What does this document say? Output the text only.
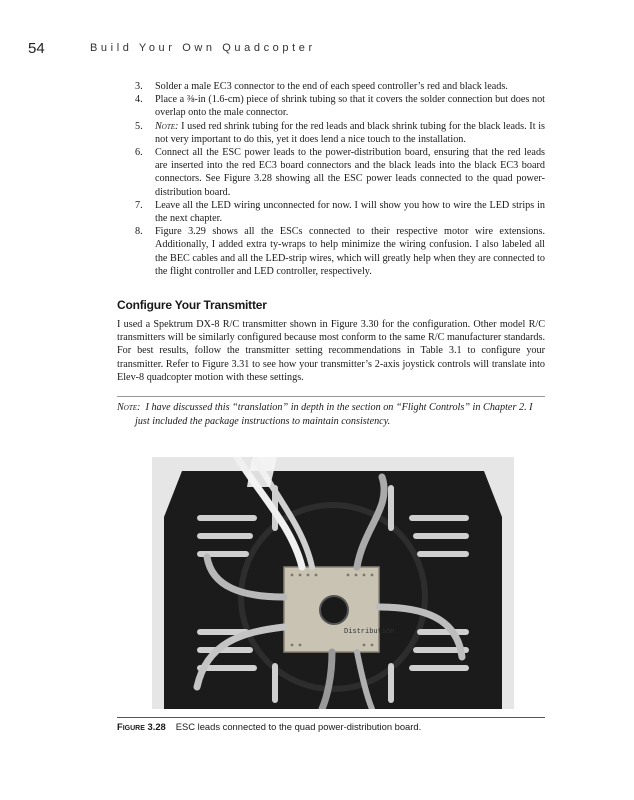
54	Build Your Own Quadcopter
3. Solder a male EC3 connector to the end of each speed controller’s red and black leads.
4. Place a ⅜-in (1.6-cm) piece of shrink tubing so that it covers the solder connection but does not overlap onto the male connector.
5. Note: I used red shrink tubing for the red leads and black shrink tubing for the black leads. It is not very important to do this, yet it does lend a nice touch to the installation.
6. Connect all the ESC power leads to the power-distribution board, ensuring that the red leads are inserted into the red EC3 board connectors and the black leads into the black EC3 board connectors. See Figure 3.28 showing all the ESC power leads connected to the quad power-distribution board.
7. Leave all the LED wiring unconnected for now. I will show you how to wire the LED strips in the next chapter.
8. Figure 3.29 shows all the ESCs connected to their respective motor wire extensions. Additionally, I added extra ty-wraps to help minimize the wiring confusion. I also labeled all the BEC cables and all the LED-strip wires, which will greatly help when they are connected to the flight controller and LED controller, respectively.
Configure Your Transmitter

I used a Spektrum DX-8 R/C transmitter shown in Figure 3.30 for the configuration. Other model R/C transmitters will be similarly configured because most conform to the same R/C manufacturer standards. For best results, follow the transmitter setting recommendations in Table 3.1 to configure your transmitter. Refer to Figure 3.31 to see how your transmitter’s 2-axis joystick controls will translate into Elev-8 quadcopter motion with these settings.

Note: I have discussed this “translation” in depth in the section on “Flight Controls” in Chapter 2. I just included the package instructions to maintain consistency.

Distribution
Figure 3.28 ESC leads connected to the quad power-distribution board.
